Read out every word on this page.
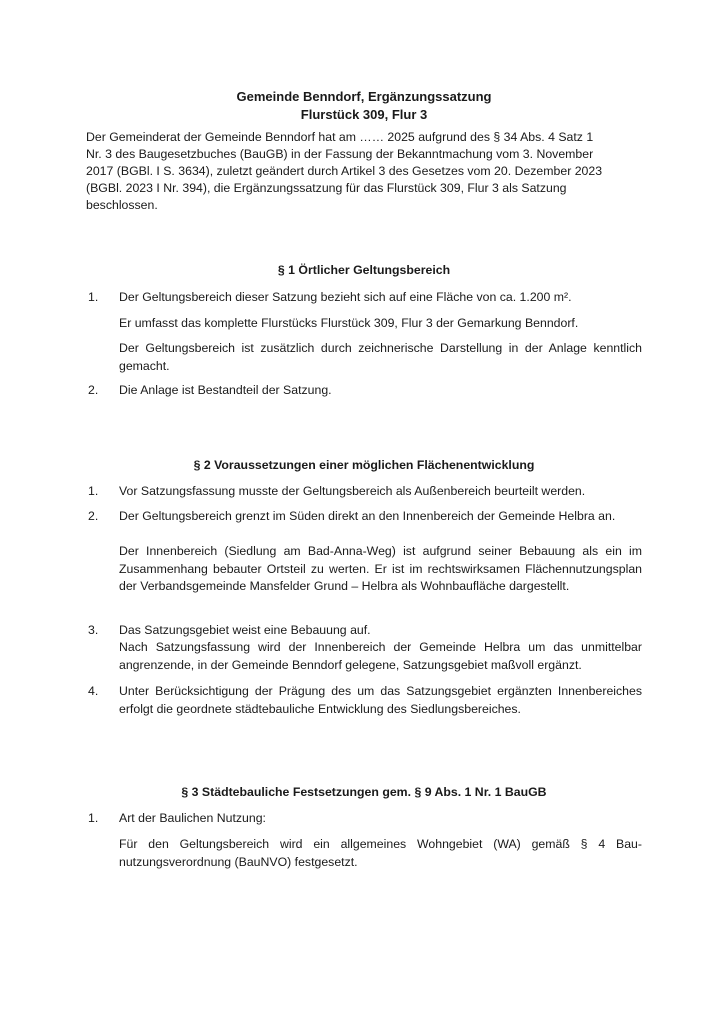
Gemeinde Benndorf, Ergänzungssatzung

Flurstück 309, Flur 3

Der Gemeinderat der Gemeinde Benndorf hat am …… 2025 aufgrund des § 34 Abs. 4 Satz 1

Nr. 3 des Baugesetzbuches (BauGB) in der Fassung der Bekanntmachung vom 3. November

2017 (BGBl. I S. 3634), zuletzt geändert durch Artikel 3 des Gesetzes vom 20. Dezember 2023

(BGBl. 2023 I Nr. 394), die Ergänzungssatzung für das Flurstück 309, Flur 3 als Satzung

beschlossen.

§ 1 Örtlicher Geltungsbereich

1. Der Geltungsbereich dieser Satzung bezieht sich auf eine Fläche von ca. 1.200 m².

Er umfasst das komplette Flurstücks Flurstück 309, Flur 3 der Gemarkung Benndorf.

Der Geltungsbereich ist zusätzlich durch zeichnerische Darstellung in der Anlage kenntlich gemacht.

2. Die Anlage ist Bestandteil der Satzung.

§ 2 Voraussetzungen einer möglichen Flächenentwicklung

1. Vor Satzungsfassung musste der Geltungsbereich als Außenbereich beurteilt werden.

2. Der Geltungsbereich grenzt im Süden direkt an den Innenbereich der Gemeinde Helbra an.

Der Innenbereich (Siedlung am Bad-Anna-Weg) ist aufgrund seiner Bebauung als ein im Zusammenhang bebauter Ortsteil zu werten. Er ist im rechtswirksamen Flächennutzungsplan der Verbandsgemeinde Mansfelder Grund – Helbra als Wohnbaufläche dargestellt.

3. Das Satzungsgebiet weist eine Bebauung auf.

Nach Satzungsfassung wird der Innenbereich der Gemeinde Helbra um das unmittelbar angrenzende, in der Gemeinde Benndorf gelegene, Satzungsgebiet maßvoll ergänzt.

4. Unter Berücksichtigung der Prägung des um das Satzungsgebiet ergänzten Innenbereiches erfolgt die geordnete städtebauliche Entwicklung des Siedlungsbereiches.

§ 3 Städtebauliche Festsetzungen gem. § 9 Abs. 1 Nr. 1 BauGB

1. Art der Baulichen Nutzung:

Für den Geltungsbereich wird ein allgemeines Wohngebiet (WA) gemäß § 4 Baunutzungsverordnung (BauNVO) festgesetzt.
